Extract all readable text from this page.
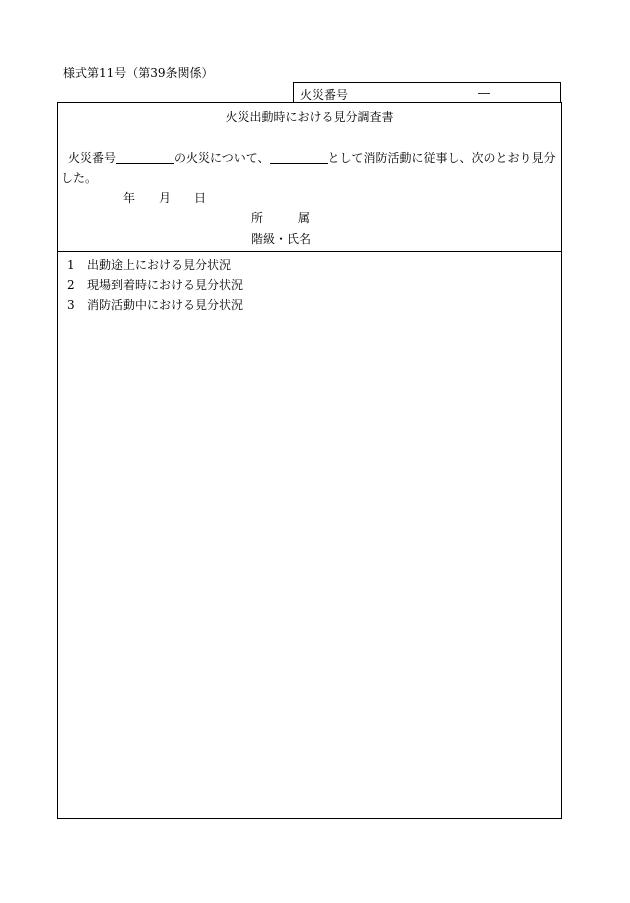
様式第11号（第39条関係）
火災番号	―
火災出動時における見分調査書
火災番号	の火災について、	として消防活動に従事し、次のとおり見分
した。
年 月 日
所	属
階級・氏名
1 出動途上における見分状況
2 現場到着時における見分状況
3 消防活動中における見分状況
